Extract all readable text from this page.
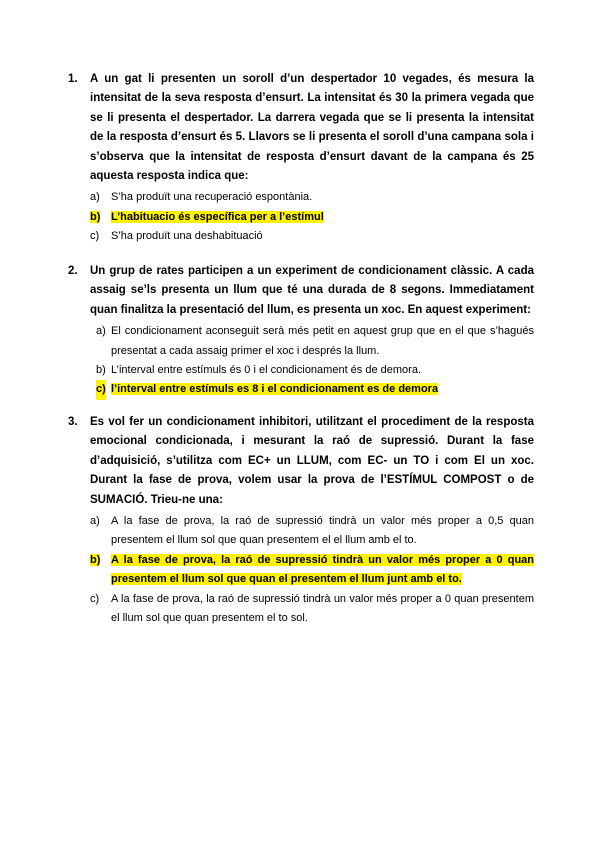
1. A un gat li presenten un soroll d’un despertador 10 vegades, és mesura la intensitat de la seva resposta d’ensurt. La intensitat és 30 la primera vegada que se li presenta el despertador. La darrera vegada que se li presenta la intensitat de la resposta d’ensurt és 5. Llavors se li presenta el soroll d’una campana sola i s’observa que la intensitat de resposta d’ensurt davant de la campana és 25 aquesta resposta indica que:
a) S’ha produït una recuperació espontània.
b) L’habituacio és específica per a l’estímul
c) S’ha produït una deshabituació
2. Un grup de rates participen a un experiment de condicionament clàssic. A cada assaig se’ls presenta un llum que té una durada de 8 segons. Immediatament quan finalitza la presentació del llum, es presenta un xoc. En aquest experiment:
a) El condicionament aconseguit serà més petit en aquest grup que en el que s’hagués presentat a cada assaig primer el xoc i després la llum.
b) L’interval entre estímuls és 0 i el condicionament és de demora.
c) l’interval entre estímuls es 8 i el condicionament es de demora
3. Es vol fer un condicionament inhibitori, utilitzant el procediment de la resposta emocional condicionada, i mesurant la raó de supressió. Durant la fase d’adquisició, s’utilitza com EC+ un LLUM, com EC- un TO i com El un xoc. Durant la fase de prova, volem usar la prova de l’ESTÍMUL COMPOST o de SUMACIÓ. Trieu-ne una:
a) A la fase de prova, la raó de supressió tindrà un valor més proper a 0,5 quan presentem el llum sol que quan presentem el el llum amb el to.
b) A la fase de prova, la raó de supressió tindrà un valor més proper a 0 quan presentem el llum sol que quan el presentem el llum junt amb el to.
c) A la fase de prova, la raó de supressió tindrà un valor més proper a 0 quan presentem el llum sol que quan presentem el to sol.
